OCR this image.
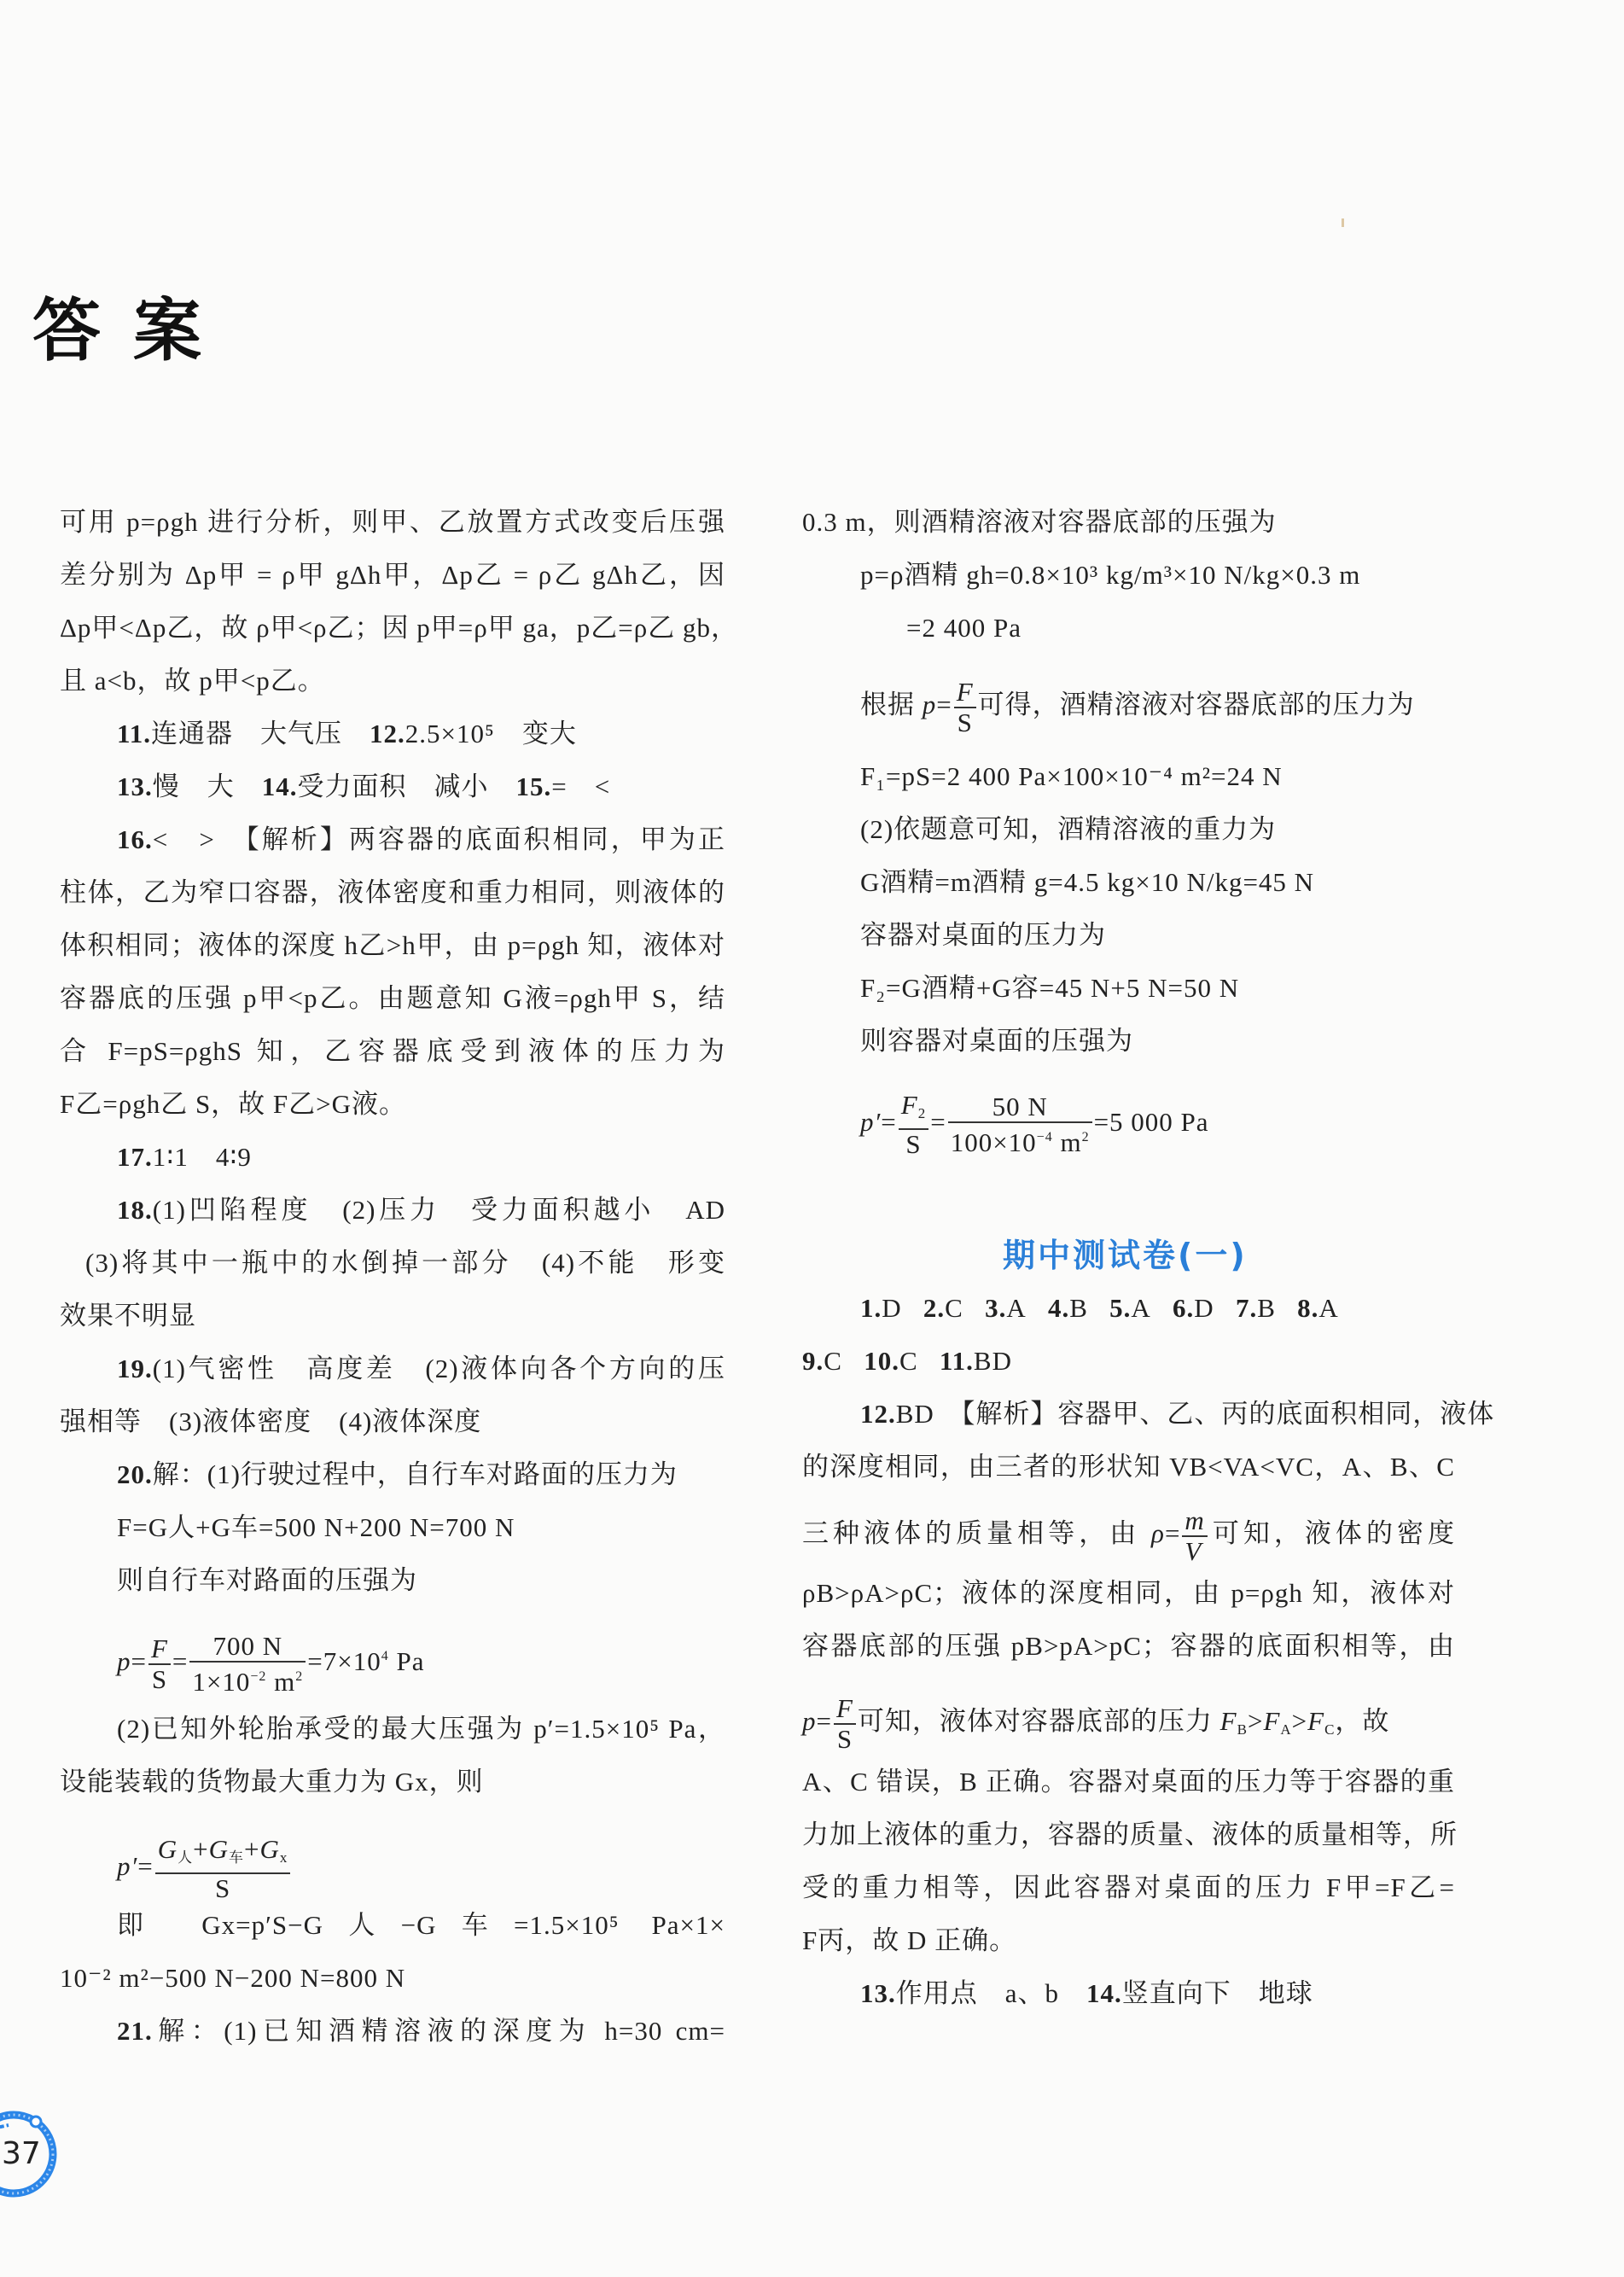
答案
可用 p=ρgh 进行分析，则甲、乙放置方式改变后压强
差分别为 Δp甲 = ρ甲 gΔh甲，Δp乙 = ρ乙 gΔh乙，因
Δp甲<Δp乙，故 ρ甲<ρ乙；因 p甲=ρ甲 ga，p乙=ρ乙 gb，
且 a<b，故 p甲<p乙。
11.连通器　大气压  12.2.5×10⁵　变大
13.慢　大  14.受力面积　减小  15.=　<
16.<　>　【解析】两容器的底面积相同，甲为正
柱体，乙为窄口容器，液体密度和重力相同，则液体的
体积相同；液体的深度 h乙>h甲，由 p=ρgh 知，液体对
容器底的压强 p甲<p乙。由题意知 G液=ρgh甲 S，结
合 F=pS=ρghS 知，乙容器底受到液体的压力为
F乙=ρgh乙 S，故 F乙>G液。
17.1∶1　4∶9
18.(1)凹陷程度　(2)压力　受力面积越小　AD
(3)将其中一瓶中的水倒掉一部分　(4)不能　形变
效果不明显
19.(1)气密性　高度差　(2)液体向各个方向的压
强相等　(3)液体密度　(4)液体深度
20.解：(1)行驶过程中，自行车对路面的压力为
F=G人+G车=500 N+200 N=700 N
则自行车对路面的压强为
$p= \frac{F}{S} = \frac{700 N}{1\times 10^{-2} m^2} =7\times 10^4$ Pa
(2)已知外轮胎承受的最大压强为 p′=1.5×10⁵ Pa，
设能装载的货物最大重力为 Gx，则
$p'= \frac{\text{G人+G车+Gx}}{S}$
即 Gx=p′S−G人−G车=1.5×10⁵ Pa×1×
10⁻² m²−500 N−200 N=800 N
21.解：(1)已知酒精溶液的深度为 h=30 cm=
37
0.3 m，则酒精溶液对容器底部的压强为
p=ρ酒精 gh=0.8×10³ kg/m³×10 N/kg×0.3 m
=2 400 Pa
根据 $p= \frac{F}{S}$ 可得，酒精溶液对容器底部的压力为
F₁=pS=2 400 Pa×100×10⁻⁴ m²=24 N
(2)依题意可知，酒精溶液的重力为
G酒精=m酒精 g=4.5 kg×10 N/kg=45 N
容器对桌面的压力为
F₂=G酒精+G容=45 N+5 N=50 N
则容器对桌面的压强为
$p'= \frac{F2}{S} = \frac{50 N}{100\times 10^{-4} m^2} =5$ 000 Pa
期中测试卷(一)
1.D  2.C  3.A  4.B  5.A  6.D  7.B  8.A
9.C  10.C  11.BD
12.BD　【解析】容器甲、乙、丙的底面积相同，液体
的深度相同，由三者的形状知 VB<VA<VC，A、B、C
三种液体的质量相等，由 $\rho= \frac{m}{V}$ 可知，液体的密度
ρB>ρA>ρC；液体的深度相同，由 p=ρgh 知，液体对
容器底部的压强 pB>pA>pC；容器的底面积相等，由
$p= \frac{F}{S}$ 可知，液体对容器底部的压力 FB>FA>FC，故
A、C 错误，B 正确。容器对桌面的压力等于容器的重
力加上液体的重力，容器的质量、液体的质量相等，所
受的重力相等，因此容器对桌面的压力 F甲=F乙=
F丙，故 D 正确。
13.作用点　a、b  14.竖直向下　地球
